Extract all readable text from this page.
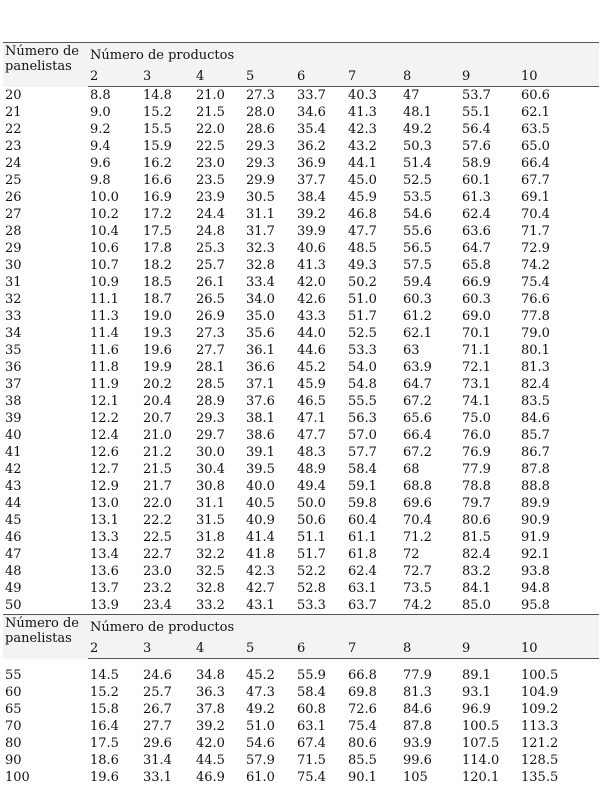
Número de panelistas	Número de productos								
	2	3	4	5	6	7	8	9	10
20	8.8	14.8	21.0	27.3	33.7	40.3	47	53.7	60.6
21	9.0	15.2	21.5	28.0	34.6	41.3	48.1	55.1	62.1
22	9.2	15.5	22.0	28.6	35.4	42.3	49.2	56.4	63.5
23	9.4	15.9	22.5	29.3	36.2	43.2	50.3	57.6	65.0
24	9.6	16.2	23.0	29.3	36.9	44.1	51.4	58.9	66.4
25	9.8	16.6	23.5	29.9	37.7	45.0	52.5	60.1	67.7
26	10.0	16.9	23.9	30.5	38.4	45.9	53.5	61.3	69.1
27	10.2	17.2	24.4	31.1	39.2	46.8	54.6	62.4	70.4
28	10.4	17.5	24.8	31.7	39.9	47.7	55.6	63.6	71.7
29	10.6	17.8	25.3	32.3	40.6	48.5	56.5	64.7	72.9
30	10.7	18.2	25.7	32.8	41.3	49.3	57.5	65.8	74.2
31	10.9	18.5	26.1	33.4	42.0	50.2	59.4	66.9	75.4
32	11.1	18.7	26.5	34.0	42.6	51.0	60.3	60.3	76.6
33	11.3	19.0	26.9	35.0	43.3	51.7	61.2	69.0	77.8
34	11.4	19.3	27.3	35.6	44.0	52.5	62.1	70.1	79.0
35	11.6	19.6	27.7	36.1	44.6	53.3	63	71.1	80.1
36	11.8	19.9	28.1	36.6	45.2	54.0	63.9	72.1	81.3
37	11.9	20.2	28.5	37.1	45.9	54.8	64.7	73.1	82.4
38	12.1	20.4	28.9	37.6	46.5	55.5	67.2	74.1	83.5
39	12.2	20.7	29.3	38.1	47.1	56.3	65.6	75.0	84.6
40	12.4	21.0	29.7	38.6	47.7	57.0	66.4	76.0	85.7
41	12.6	21.2	30.0	39.1	48.3	57.7	67.2	76.9	86.7
42	12.7	21.5	30.4	39.5	48.9	58.4	68	77.9	87.8
43	12.9	21.7	30.8	40.0	49.4	59.1	68.8	78.8	88.8
44	13.0	22.0	31.1	40.5	50.0	59.8	69.6	79.7	89.9
45	13.1	22.2	31.5	40.9	50.6	60.4	70.4	80.6	90.9
46	13.3	22.5	31.8	41.4	51.1	61.1	71.2	81.5	91.9
47	13.4	22.7	32.2	41.8	51.7	61.8	72	82.4	92.1
48	13.6	23.0	32.5	42.3	52.2	62.4	72.7	83.2	93.8
49	13.7	23.2	32.8	42.7	52.8	63.1	73.5	84.1	94.8
50	13.9	23.4	33.2	43.1	53.3	63.7	74.2	85.0	95.8
Número de panelistas	Número de productos								
	2	3	4	5	6	7	8	9	10

55	14.5	24.6	34.8	45.2	55.9	66.8	77.9	89.1	100.5
60	15.2	25.7	36.3	47.3	58.4	69.8	81.3	93.1	104.9
65	15.8	26.7	37.8	49.2	60.8	72.6	84.6	96.9	109.2
70	16.4	27.7	39.2	51.0	63.1	75.4	87.8	100.5	113.3
80	17.5	29.6	42.0	54.6	67.4	80.6	93.9	107.5	121.2
90	18.6	31.4	44.5	57.9	71.5	85.5	99.6	114.0	128.5
100	19.6	33.1	46.9	61.0	75.4	90.1	105	120.1	135.5
